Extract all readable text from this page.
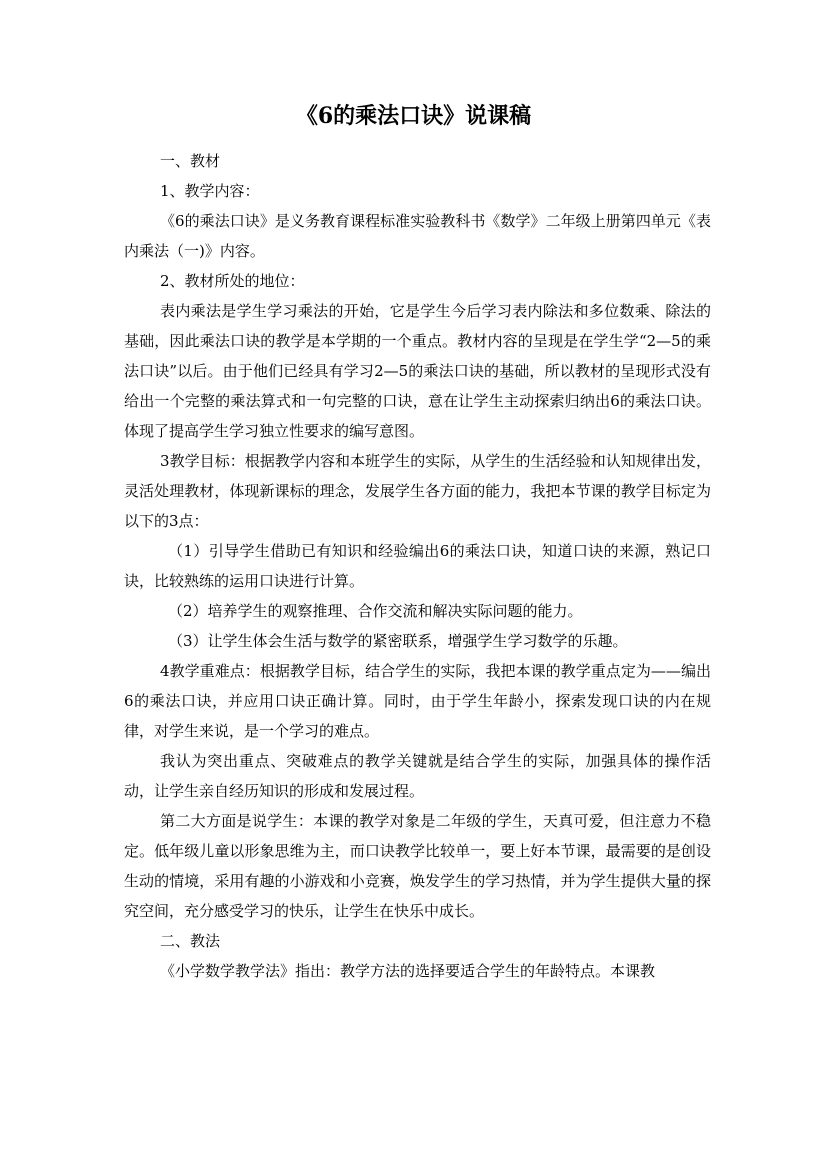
《6的乘法口诀》说课稿

一、教材

1、教学内容：

《6的乘法口诀》是义务教育课程标准实验教科书《数学》二年级上册第四单元《表内乘法（一)》内容。

2、教材所处的地位：

表内乘法是学生学习乘法的开始，它是学生今后学习表内除法和多位数乘、除法的基础，因此乘法口诀的教学是本学期的一个重点。教材内容的呈现是在学生学“2—5的乘法口诀”以后。由于他们已经具有学习2—5的乘法口诀的基础，所以教材的呈现形式没有给出一个完整的乘法算式和一句完整的口诀，意在让学生主动探索归纳出6的乘法口诀。体现了提高学生学习独立性要求的编写意图。

3教学目标：根据教学内容和本班学生的实际，从学生的生活经验和认知规律出发，灵活处理教材，体现新课标的理念，发展学生各方面的能力，我把本节课的教学目标定为以下的3点：

（1）引导学生借助已有知识和经验编出6的乘法口诀，知道口诀的来源，熟记口诀，比较熟练的运用口诀进行计算。

（2）培养学生的观察推理、合作交流和解决实际问题的能力。

（3）让学生体会生活与数学的紧密联系，增强学生学习数学的乐趣。

4教学重难点：根据教学目标，结合学生的实际，我把本课的教学重点定为——编出6的乘法口诀，并应用口诀正确计算。同时，由于学生年龄小，探索发现口诀的内在规律，对学生来说，是一个学习的难点。

我认为突出重点、突破难点的教学关键就是结合学生的实际，加强具体的操作活动，让学生亲自经历知识的形成和发展过程。

第二大方面是说学生：本课的教学对象是二年级的学生，天真可爱，但注意力不稳定。低年级儿童以形象思维为主，而口诀教学比较单一，要上好本节课，最需要的是创设生动的情境，采用有趣的小游戏和小竞赛，焕发学生的学习热情，并为学生提供大量的探究空间，充分感受学习的快乐，让学生在快乐中成长。

二、教法

《小学数学教学法》指出：教学方法的选择要适合学生的年龄特点。本课教
